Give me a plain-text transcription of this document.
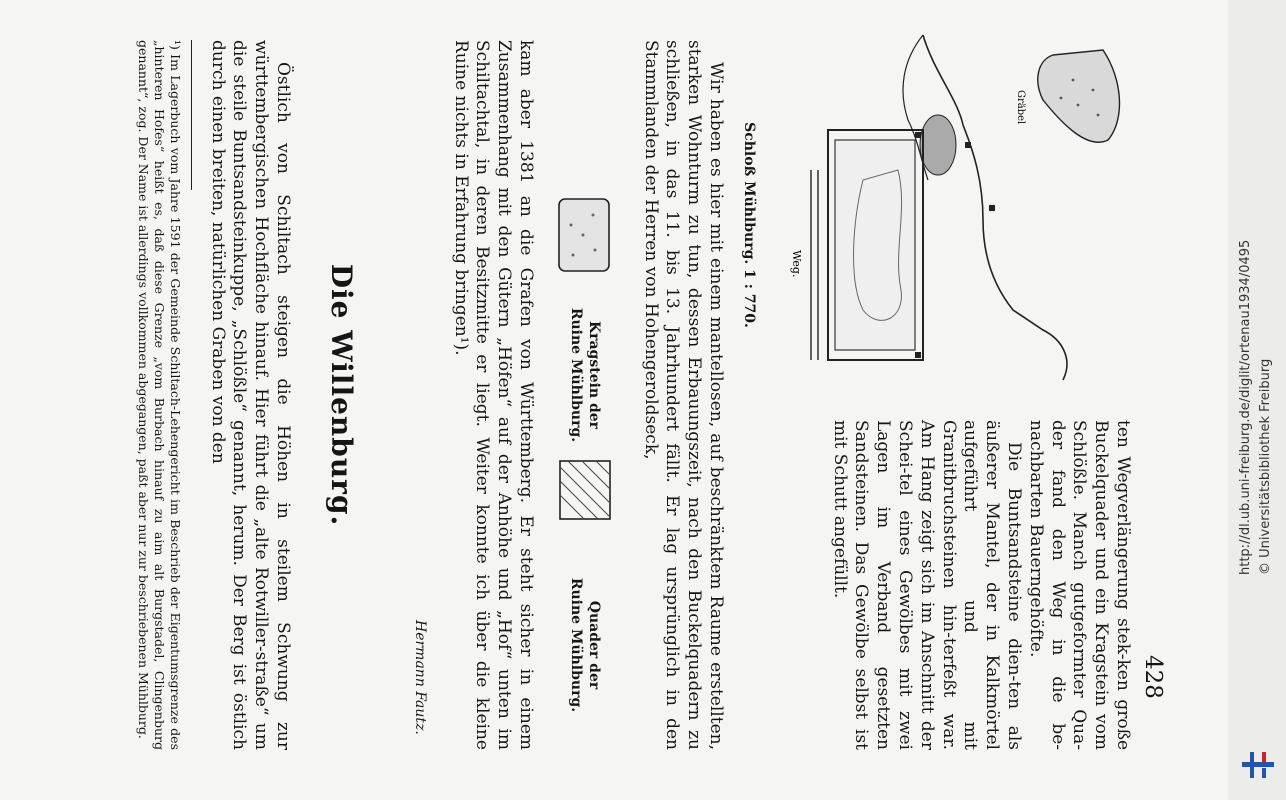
428
Gräbel
Weg.
Schloß Mühlburg. 1 : 770.

ten Wegverlängerung stek-ken große Buckelquader und ein Kragstein vom Schlößle. Manch gutgeformter Qua-der fand den Weg in die be-nachbarten Bauerngehöfte.

Die Buntsandsteine dien-ten als äußerer Mantel, der in Kalkmörtel aufgeführt und mit Granitbruchsteinen hin-terfeßt war. Am Hang zeigt sich im Anschnitt der Schei-tel eines Gewölbes mit zwei Lagen im Verband gesetzten Sandsteinen. Das Gewölbe selbst ist mit Schutt angefüllt.

Wir haben es hier mit einem mantellosen, auf beschränktem Raume erstellten, starken Wohnturm zu tun, dessen Erbauungszeit, nach den Buckelquadern zu schließen, in das 11. bis 13. Jahrhundert fällt. Er lag ursprünglich in den Stammlanden der Herren von Hohengeroldseck,

Kragstein der
Ruine Mühlburg.
Quader der
Ruine Mühlburg.

kam aber 1381 an die Grafen von Württemberg. Er steht sicher in einem Zusammenhang mit den Gütern „Höfen“ auf der Anhöhe und „Hof“ unten im Schiltachtal, in deren Besitzmitte er liegt. Weiter konnte ich über die kleine Ruine nichts in Erfahrung bringen¹).

Hermann Fautz.
Die Willenburg.

Östlich von Schiltach steigen die Höhen in steilem Schwung zur württembergischen Hochfläche hinauf. Hier führt die „alte Rotwiller-straße“ um die steile Buntsandsteinkuppe, „Schlößle“ genannt, herum. Der Berg ist östlich durch einen breiten, natürlichen Graben von den

¹) Im Lagerbuch vom Jahre 1591 der Gemeinde Schiltach-Lehengericht im Beschrieb der Eigentumsgrenze des „hinteren Hofes“ heißt es, daß diese Grenze „vom Burbach hinauf zu aim alt Burgstadel, Clingenburg genannt“, zog. Der Name ist allerdings vollkommen abgegangen, paßt aber nur zur beschriebenen Mühlburg.	http://dl.ub.uni-freiburg.de/diglit/ortenau1934/0495 © Universitätsbibliothek Freiburg
